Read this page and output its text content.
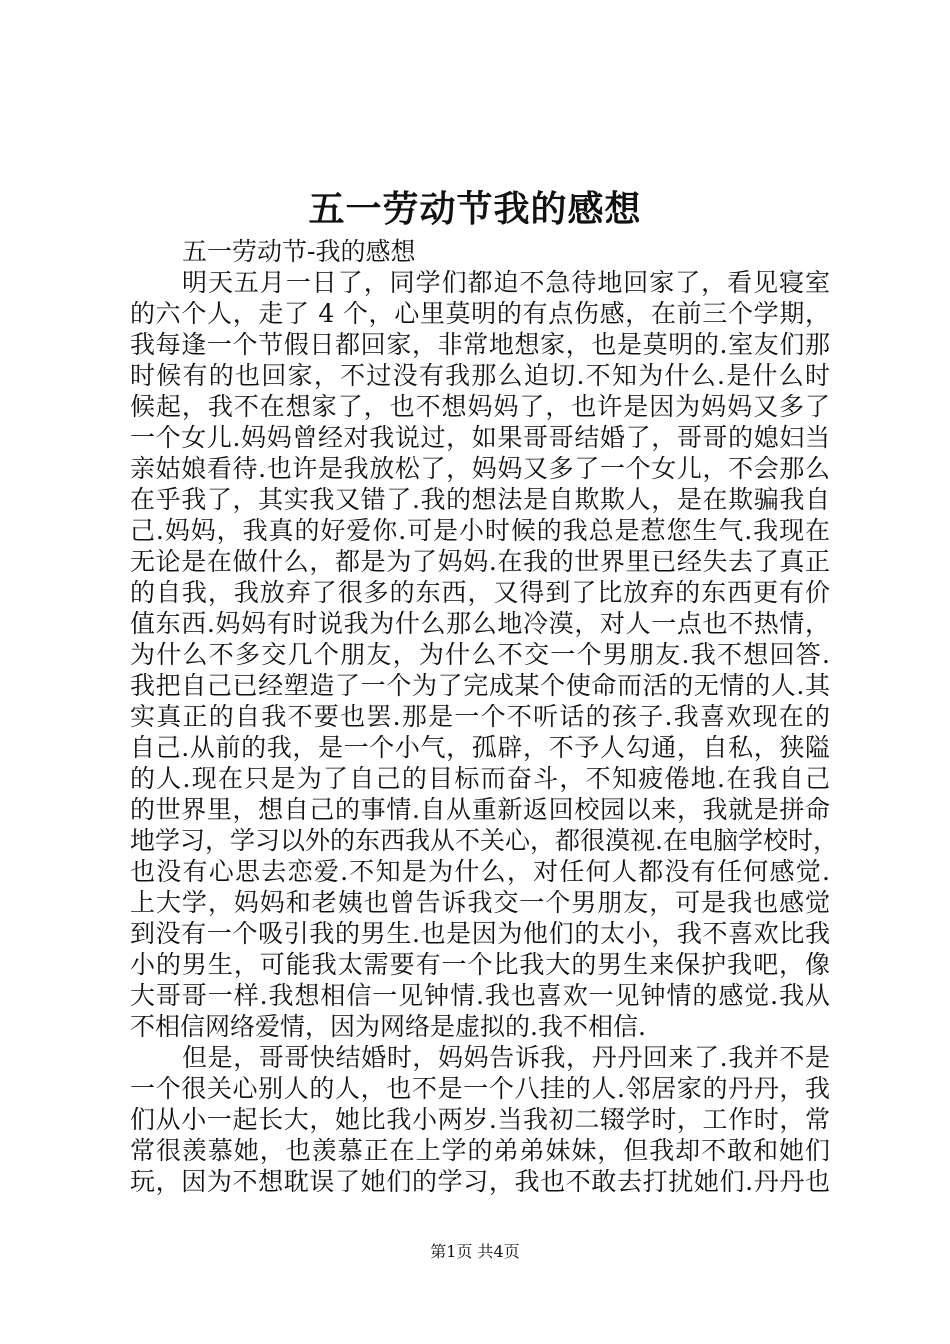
五一劳动节我的感想
五一劳动节-我的感想
明天五月一日了，同学们都迫不急待地回家了，看见寝室
的六个人，走了 4 个，心里莫明的有点伤感，在前三个学期，
我每逢一个节假日都回家，非常地想家，也是莫明的.室友们那
时候有的也回家，不过没有我那么迫切.不知为什么.是什么时
候起，我不在想家了，也不想妈妈了，也许是因为妈妈又多了
一个女儿.妈妈曾经对我说过，如果哥哥结婚了，哥哥的媳妇当
亲姑娘看待.也许是我放松了，妈妈又多了一个女儿，不会那么
在乎我了，其实我又错了.我的想法是自欺欺人，是在欺骗我自
己.妈妈，我真的好爱你.可是小时候的我总是惹您生气.我现在
无论是在做什么，都是为了妈妈.在我的世界里已经失去了真正
的自我，我放弃了很多的东西，又得到了比放弃的东西更有价
值东西.妈妈有时说我为什么那么地冷漠，对人一点也不热情，
为什么不多交几个朋友，为什么不交一个男朋友.我不想回答.
我把自己已经塑造了一个为了完成某个使命而活的无情的人.其
实真正的自我不要也罢.那是一个不听话的孩子.我喜欢现在的
自己.从前的我，是一个小气，孤辟，不予人勾通，自私，狭隘
的人.现在只是为了自己的目标而奋斗，不知疲倦地.在我自己
的世界里，想自己的事情.自从重新返回校园以来，我就是拼命
地学习，学习以外的东西我从不关心，都很漠视.在电脑学校时，
也没有心思去恋爱.不知是为什么，对任何人都没有任何感觉.
上大学，妈妈和老姨也曾告诉我交一个男朋友，可是我也感觉
到没有一个吸引我的男生.也是因为他们的太小，我不喜欢比我
小的男生，可能我太需要有一个比我大的男生来保护我吧，像
大哥哥一样.我想相信一见钟情.我也喜欢一见钟情的感觉.我从
不相信网络爱情，因为网络是虚拟的.我不相信.
但是，哥哥快结婚时，妈妈告诉我，丹丹回来了.我并不是
一个很关心别人的人，也不是一个八挂的人.邻居家的丹丹，我
们从小一起长大，她比我小两岁.当我初二辍学时，工作时，常
常很羡慕她，也羡慕正在上学的弟弟妹妹，但我却不敢和她们
玩，因为不想耽误了她们的学习，我也不敢去打扰她们.丹丹也
第1页 共4页
